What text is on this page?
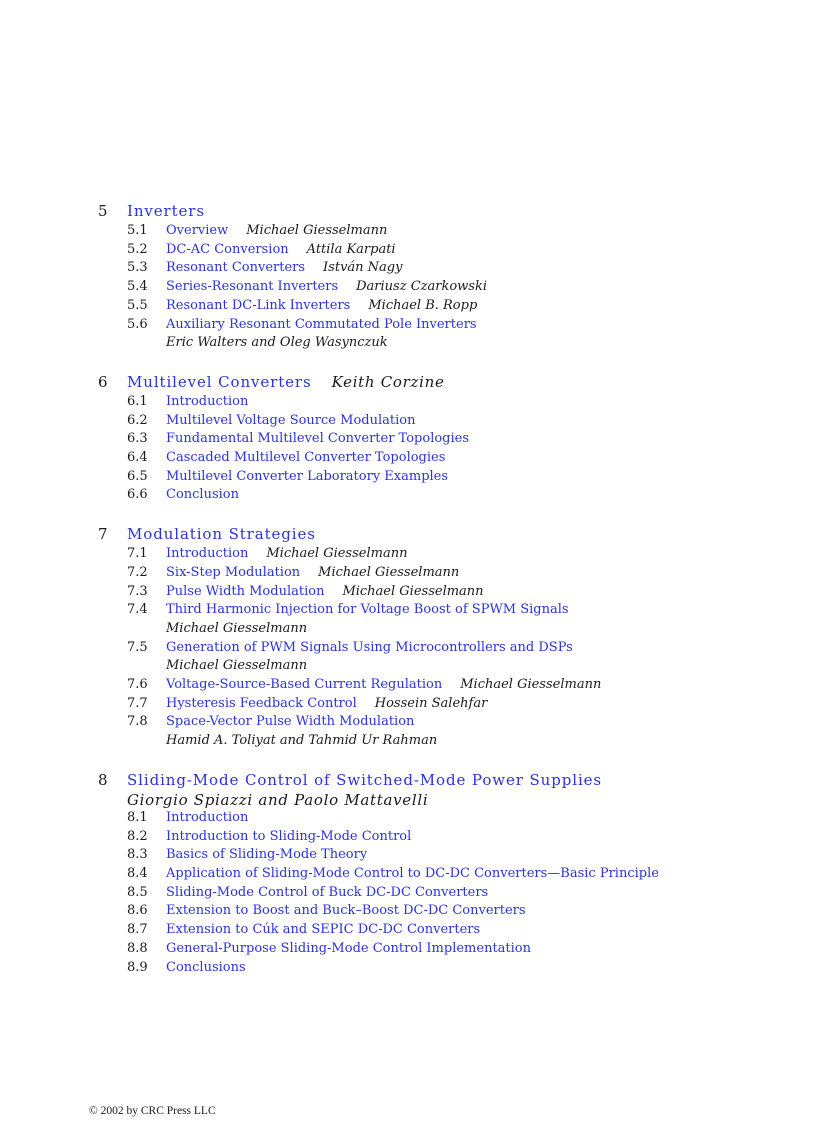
5 Inverters
5.1	Overview Michael Giesselmann
5.2	DC-AC Conversion Attila Karpati
5.3	Resonant Converters István Nagy
5.4	Series-Resonant Inverters Dariusz Czarkowski
5.5	Resonant DC-Link Inverters Michael B. Ropp
5.6	Auxiliary Resonant Commutated Pole Inverters
Eric Walters and Oleg Wasynczuk
6 Multilevel Converters Keith Corzine
6.1	Introduction
6.2	Multilevel Voltage Source Modulation
6.3	Fundamental Multilevel Converter Topologies
6.4	Cascaded Multilevel Converter Topologies
6.5	Multilevel Converter Laboratory Examples
6.6	Conclusion
7 Modulation Strategies
7.1	Introduction Michael Giesselmann
7.2	Six-Step Modulation Michael Giesselmann
7.3	Pulse Width Modulation Michael Giesselmann
7.4	Third Harmonic Injection for Voltage Boost of SPWM Signals
Michael Giesselmann
7.5	Generation of PWM Signals Using Microcontrollers and DSPs
Michael Giesselmann
7.6	Voltage-Source-Based Current Regulation Michael Giesselmann
7.7	Hysteresis Feedback Control Hossein Salehfar
7.8	Space-Vector Pulse Width Modulation
Hamid A. Toliyat and Tahmid Ur Rahman
8 Sliding-Mode Control of Switched-Mode Power Supplies
Giorgio Spiazzi and Paolo Mattavelli
8.1	Introduction
8.2	Introduction to Sliding-Mode Control
8.3	Basics of Sliding-Mode Theory
8.4	Application of Sliding-Mode Control to DC-DC Converters—Basic Principle
8.5	Sliding-Mode Control of Buck DC-DC Converters
8.6	Extension to Boost and Buck–Boost DC-DC Converters
8.7	Extension to Cúk and SEPIC DC-DC Converters
8.8	General-Purpose Sliding-Mode Control Implementation
8.9	Conclusions
© 2002 by CRC Press LLC
